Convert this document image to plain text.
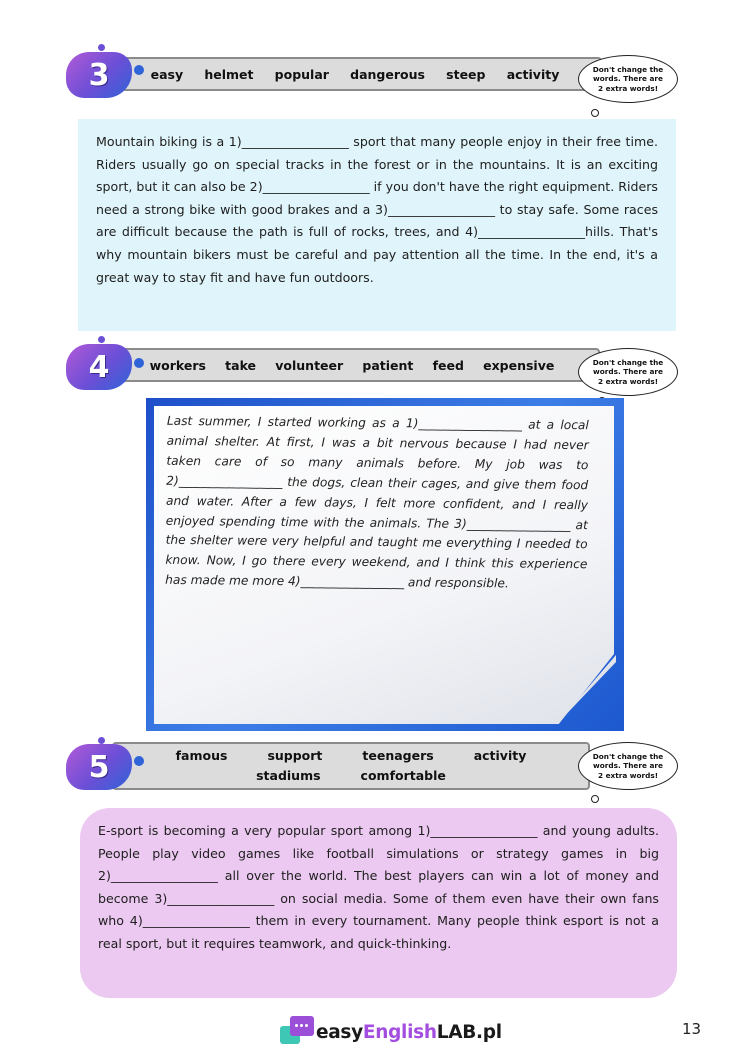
easy helmet popular dangerous steep activity
3	Don't change the words. There are 2 extra words!

Mountain biking is a 1)_________________ sport that many people enjoy in their free time. Riders usually go on special tracks in the forest or in the mountains. It is an exciting sport, but it can also be 2)_________________ if you don't have the right equipment. Riders need a strong bike with good brakes and a 3)_________________ to stay safe. Some races are difficult because the path is full of rocks, trees, and 4)_________________hills. That's why mountain bikers must be careful and pay attention all the time. In the end, it's a great way to stay fit and have fun outdoors.

workers take volunteer patient feed expensive
4	Don't change the words. There are 2 extra words!

Last summer, I started working as a 1)_________________ at a local animal shelter. At first, I was a bit nervous because I had never taken care of so many animals before. My job was to 2)_________________ the dogs, clean their cages, and give them food and water. After a few days, I felt more confident, and I really enjoyed spending time with the animals. The 3)_________________ at the shelter were very helpful and taught me everything I needed to know. Now, I go there every weekend, and I think this experience has made me more 4)_________________ and responsible.

famous	support	teenagers	activity
stadiums	comfortable
5	Don't change the words. There are 2 extra words!

E-sport is becoming a very popular sport among 1)_________________ and young adults. People play video games like football simulations or strategy games in big 2)_________________ all over the world. The best players can win a lot of money and become 3)_________________ on social media. Some of them even have their own fans who 4)_________________ them in every tournament. Many people think esport is not a real sport, but it requires teamwork, and quick-thinking.

easyEnglishLAB.pl	13
